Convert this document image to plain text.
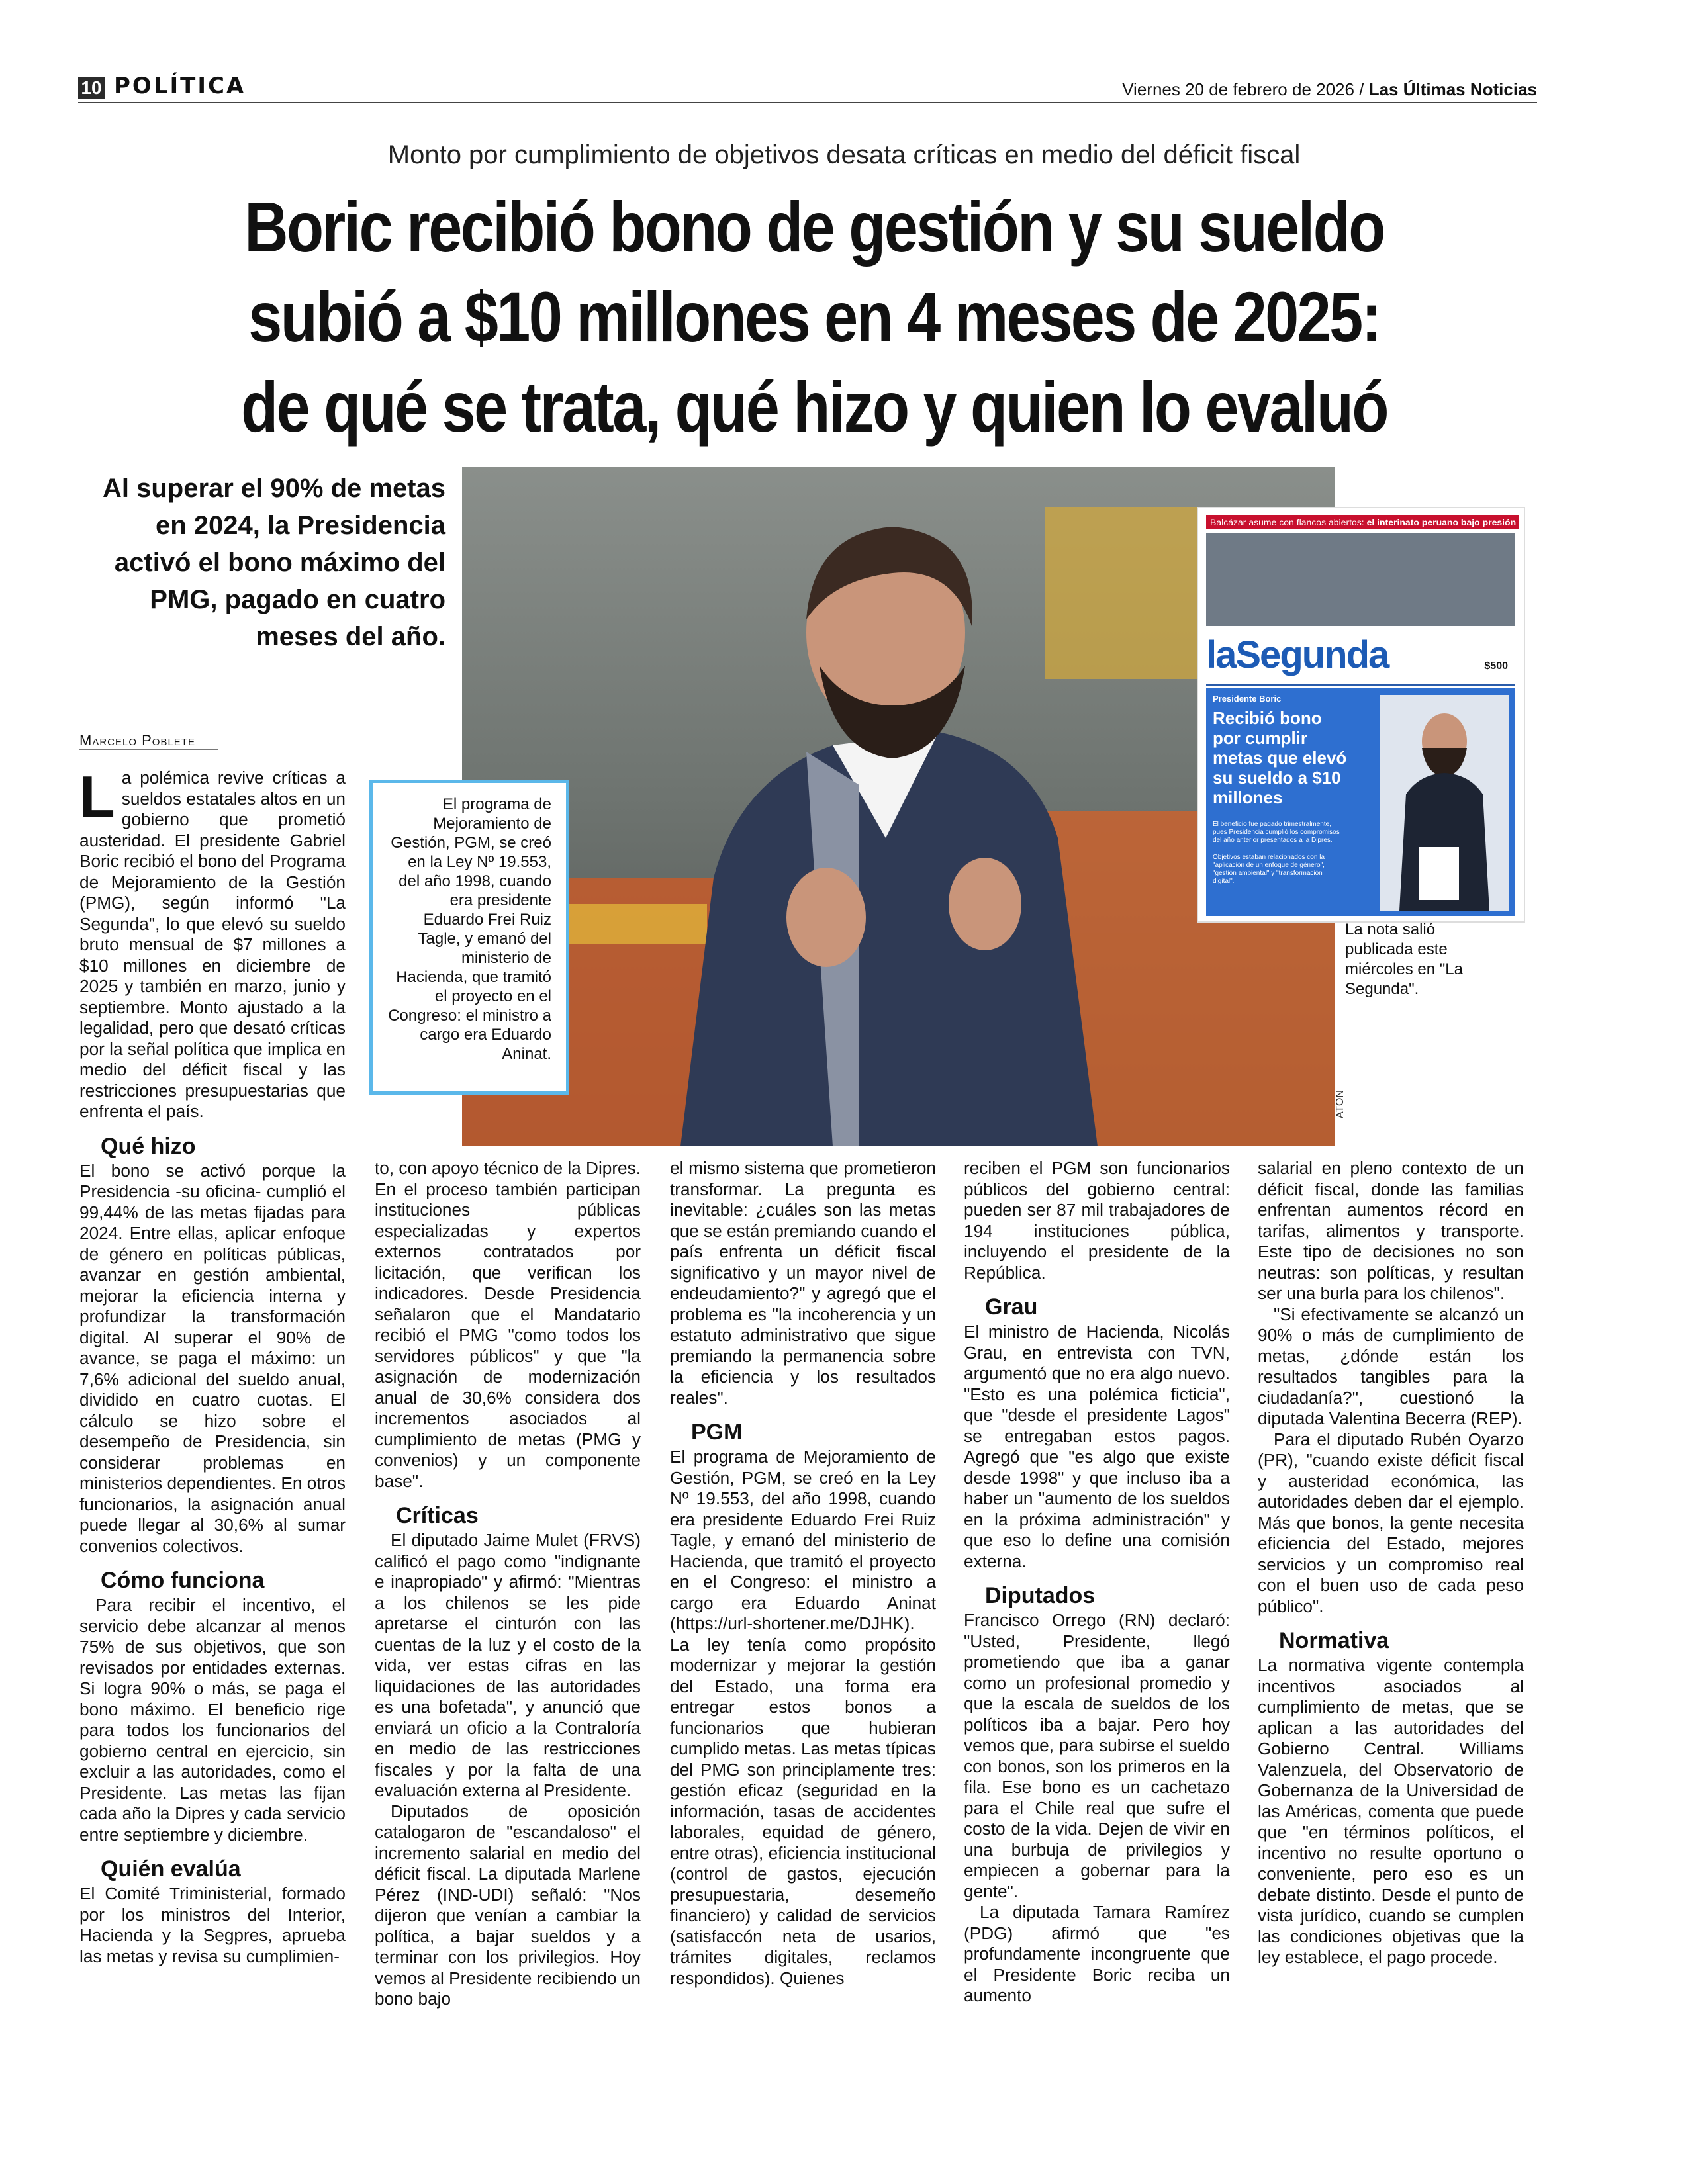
10 POLÍTICA	Viernes 20 de febrero de 2026 / Las Últimas Noticias
Monto por cumplimiento de objetivos desata críticas en medio del déficit fiscal
Boric recibió bono de gestión y su sueldo
subió a $10 millones en 4 meses de 2025:
de qué se trata, qué hizo y quien lo evaluó
Al superar el 90% de metas en 2024, la Presidencia activó el bono máximo del PMG, pagado en cuatro meses del año.
ATON
El programa de Mejoramiento de Gestión, PGM, se creó en la Ley Nº 19.553, del año 1998, cuando era presidente Eduardo Frei Ruiz Tagle, y emanó del ministerio de Hacienda, que tramitó el proyecto en el Congreso: el ministro a cargo era Eduardo Aninat.
Balcázar asume con flancos abiertos: el interinato peruano bajo presión
laSegunda	$500
Presidente Boric
Recibió bono por cumplir metas que elevó su sueldo a $10 millones
El beneficio fue pagado trimestralmente, pues Presidencia cumplió los compromisos del año anterior presentados a la Dipres.
Objetivos estaban relacionados con la "aplicación de un enfoque de género", "gestión ambiental" y "transformación digital".
La nota salió publicada este miércoles en "La Segunda".
Marcelo Poblete

La polémica revive críticas a sueldos estatales altos en un gobierno que prometió austeridad. El presidente Gabriel Boric recibió el bono del Programa de Mejoramiento de la Gestión (PMG), según informó "La Segunda", lo que elevó su sueldo bruto mensual de $7 millones a $10 millones en diciembre de 2025 y también en marzo, junio y septiembre. Monto ajustado a la legalidad, pero que desató críticas por la señal política que implica en medio del déficit fiscal y las restricciones presupuestarias que enfrenta el país.

Qué hizo

El bono se activó porque la Presidencia -su oficina- cumplió el 99,44% de las metas fijadas para 2024. Entre ellas, aplicar enfoque de género en políticas públicas, avanzar en gestión ambiental, mejorar la eficiencia interna y profundizar la transformación digital. Al superar el 90% de avance, se paga el máximo: un 7,6% adicional del sueldo anual, dividido en cuatro cuotas. El cálculo se hizo sobre el desempeño de Presidencia, sin considerar problemas en ministerios dependientes. En otros funcionarios, la asignación anual puede llegar al 30,6% al sumar convenios colectivos.

Cómo funciona

Para recibir el incentivo, el servicio debe alcanzar al menos 75% de sus objetivos, que son revisados por entidades externas. Si logra 90% o más, se paga el bono máximo. El beneficio rige para todos los funcionarios del gobierno central en ejercicio, sin excluir a las autoridades, como el Presidente. Las metas las fijan cada año la Dipres y cada servicio entre septiembre y diciembre.

Quién evalúa

El Comité Triministerial, formado por los ministros del Interior, Hacienda y la Segpres, aprueba las metas y revisa su cumplimien-

to, con apoyo técnico de la Dipres. En el proceso también participan instituciones públicas especializadas y expertos externos contratados por licitación, que verifican los indicadores. Desde Presidencia señalaron que el Mandatario recibió el PMG "como todos los servidores públicos" y que "la asignación de modernización anual de 30,6% considera dos incrementos asociados al cumplimiento de metas (PMG y convenios) y un componente base".

Críticas

El diputado Jaime Mulet (FRVS) calificó el pago como "indignante e inapropiado" y afirmó: "Mientras a los chilenos se les pide apretarse el cinturón con las cuentas de la luz y el costo de la vida, ver estas cifras en las liquidaciones de las autoridades es una bofetada", y anunció que enviará un oficio a la Contraloría en medio de las restricciones fiscales y por la falta de una evaluación externa al Presidente.

Diputados de oposición catalogaron de "escandaloso" el incremento salarial en medio del déficit fiscal. La diputada Marlene Pérez (IND-UDI) señaló: "Nos dijeron que venían a cambiar la política, a bajar sueldos y a terminar con los privilegios. Hoy vemos al Presidente recibiendo un bono bajo

el mismo sistema que prometieron transformar. La pregunta es inevitable: ¿cuáles son las metas que se están premiando cuando el país enfrenta un déficit fiscal significativo y un mayor nivel de endeudamiento?" y agregó que el problema es "la incoherencia y un estatuto administrativo que sigue premiando la permanencia sobre la eficiencia y los resultados reales".

PGM

El programa de Mejoramiento de Gestión, PGM, se creó en la Ley Nº 19.553, del año 1998, cuando era presidente Eduardo Frei Ruiz Tagle, y emanó del ministerio de Hacienda, que tramitó el proyecto en el Congreso: el ministro a cargo era Eduardo Aninat (https://url-shortener.me/DJHK). La ley tenía como propósito modernizar y mejorar la gestión del Estado, una forma era entregar estos bonos a funcionarios que hubieran cumplido metas. Las metas típicas del PMG son principlamente tres: gestión eficaz (seguridad en la información, tasas de accidentes laborales, equidad de género, entre otras), eficiencia institucional (control de gastos, ejecución presupuestaria, desemeño financiero) y calidad de servicios (satisfaccón neta de usarios, trámites digitales, reclamos respondidos). Quienes

reciben el PGM son funcionarios públicos del gobierno central: pueden ser 87 mil trabajadores de 194 instituciones pública, incluyendo el presidente de la República.

Grau

El ministro de Hacienda, Nicolás Grau, en entrevista con TVN, argumentó que no era algo nuevo. "Esto es una polémica ficticia", que "desde el presidente Lagos" se entregaban estos pagos. Agregó que "es algo que existe desde 1998" y que incluso iba a haber un "aumento de los sueldos en la próxima administración" y que eso lo define una comisión externa.

Diputados

Francisco Orrego (RN) declaró: "Usted, Presidente, llegó prometiendo que iba a ganar como un profesional promedio y que la escala de sueldos de los políticos iba a bajar. Pero hoy vemos que, para subirse el sueldo con bonos, son los primeros en la fila. Ese bono es un cachetazo para el Chile real que sufre el costo de la vida. Dejen de vivir en una burbuja de privilegios y empiecen a gobernar para la gente".

La diputada Tamara Ramírez (PDG) afirmó que "es profundamente incongruente que el Presidente Boric reciba un aumento

salarial en pleno contexto de un déficit fiscal, donde las familias enfrentan aumentos récord en tarifas, alimentos y transporte. Este tipo de decisiones no son neutras: son políticas, y resultan ser una burla para los chilenos".

"Si efectivamente se alcanzó un 90% o más de cumplimiento de metas, ¿dónde están los resultados tangibles para la ciudadanía?", cuestionó la diputada Valentina Becerra (REP).

Para el diputado Rubén Oyarzo (PR), "cuando existe déficit fiscal y austeridad económica, las autoridades deben dar el ejemplo. Más que bonos, la gente necesita eficiencia del Estado, mejores servicios y un compromiso real con el buen uso de cada peso público".

Normativa

La normativa vigente contempla incentivos asociados al cumplimiento de metas, que se aplican a las autoridades del Gobierno Central. Williams Valenzuela, del Observatorio de Gobernanza de la Universidad de las Américas, comenta que puede que "en términos políticos, el incentivo no resulte oportuno o conveniente, pero eso es un debate distinto. Desde el punto de vista jurídico, cuando se cumplen las condiciones objetivas que la ley establece, el pago procede.
